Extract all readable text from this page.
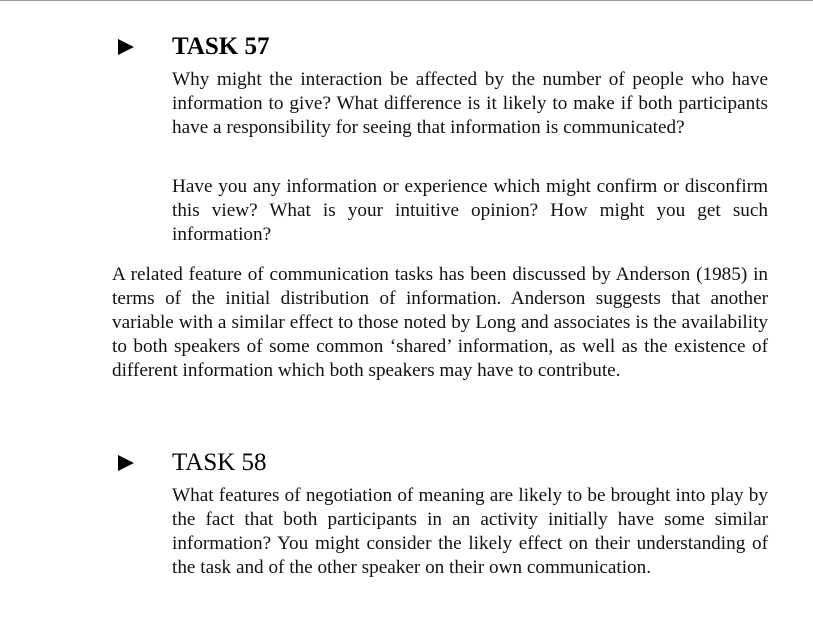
TASK 57

Why might the interaction be affected by the number of people who have information to give? What difference is it likely to make if both participants have a responsibility for seeing that information is communicated?

Have you any information or experience which might confirm or disconfirm this view? What is your intuitive opinion? How might you get such information?

A related feature of communication tasks has been discussed by Anderson (1985) in terms of the initial distribution of information. Anderson suggests that another variable with a similar effect to those noted by Long and associates is the availability to both speakers of some common ‘shared’ information, as well as the existence of different information which both speakers may have to contribute.

TASK 58

What features of negotiation of meaning are likely to be brought into play by the fact that both participants in an activity initially have some similar information? You might consider the likely effect on their understanding of the task and of the other speaker on their own communication.
